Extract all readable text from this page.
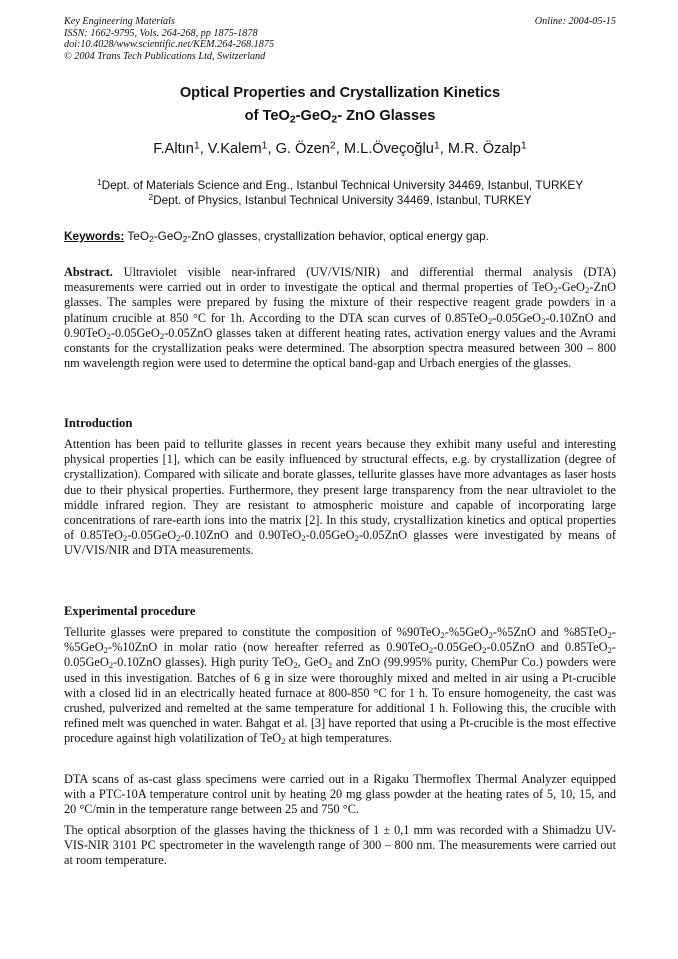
Key Engineering Materials
ISSN: 1662-9795, Vols. 264-268, pp 1875-1878
doi:10.4028/www.scientific.net/KEM.264-268.1875
© 2004 Trans Tech Publications Ltd, Switzerland
Online: 2004-05-15
Optical Properties and Crystallization Kinetics
of TeO$_2$-GeO$_2$- ZnO Glasses
F.Altın$^1$, V.Kalem$^1$, G. Özen$^2$, M.L.Öveçoğlu$^1$, M.R. Özalp$^1$
$^1$Dept. of Materials Science and Eng., Istanbul Technical University 34469, Istanbul, TURKEY
$^2$Dept. of Physics, Istanbul Technical University 34469, Istanbul, TURKEY
Keywords: TeO$_2$-GeO$_2$-ZnO glasses, crystallization behavior, optical energy gap.

Abstract. Ultraviolet visible near-infrared (UV/VIS/NIR) and differential thermal analysis (DTA) measurements were carried out in order to investigate the optical and thermal properties of TeO$_2$-GeO$_2$-ZnO glasses. The samples were prepared by fusing the mixture of their respective reagent grade powders in a platinum crucible at 850 °C for 1h. According to the DTA scan curves of 0.85TeO$_2$-0.05GeO$_2$-0.10ZnO and 0.90TeO$_2$-0.05GeO$_2$-0.05ZnO glasses taken at different heating rates, activation energy values and the Avrami constants for the crystallization peaks were determined. The absorption spectra measured between 300 – 800 nm wavelength region were used to determine the optical band-gap and Urbach energies of the glasses.

Introduction

Attention has been paid to tellurite glasses in recent years because they exhibit many useful and interesting physical properties [1], which can be easily influenced by structural effects, e.g. by crystallization (degree of crystallization). Compared with silicate and borate glasses, tellurite glasses have more advantages as laser hosts due to their physical properties. Furthermore, they present large transparency from the near ultraviolet to the middle infrared region. They are resistant to atmospheric moisture and capable of incorporating large concentrations of rare-earth ions into the matrix [2]. In this study, crystallization kinetics and optical properties of 0.85TeO$_2$-0.05GeO$_2$-0.10ZnO and 0.90TeO$_2$-0.05GeO$_2$-0.05ZnO glasses were investigated by means of UV/VIS/NIR and DTA measurements.

Experimental procedure

Tellurite glasses were prepared to constitute the composition of %90TeO$_2$-%5GeO$_2$-%5ZnO and %85TeO$_2$-%5GeO$_2$-%10ZnO in molar ratio (now hereafter referred as 0.90TeO$_2$-0.05GeO$_2$-0.05ZnO and 0.85TeO$_2$-0.05GeO$_2$-0.10ZnO glasses). High purity TeO$_2$, GeO$_2$ and ZnO (99.995% purity, ChemPur Co.) powders were used in this investigation. Batches of 6 g in size were thoroughly mixed and melted in air using a Pt-crucible with a closed lid in an electrically heated furnace at 800-850 °C for 1 h. To ensure homogeneity, the cast was crushed, pulverized and remelted at the same temperature for additional 1 h. Following this, the crucible with refined melt was quenched in water. Bahgat et al. [3] have reported that using a Pt-crucible is the most effective procedure against high volatilization of TeO$_2$ at high temperatures.

DTA scans of as-cast glass specimens were carried out in a Rigaku Thermoflex Thermal Analyzer equipped with a PTC-10A temperature control unit by heating 20 mg glass powder at the heating rates of 5, 10, 15, and 20 °C/min in the temperature range between 25 and 750 °C.

The optical absorption of the glasses having the thickness of 1 ± 0,1 mm was recorded with a Shimadzu UV-VIS-NIR 3101 PC spectrometer in the wavelength range of 300 – 800 nm. The measurements were carried out at room temperature.
